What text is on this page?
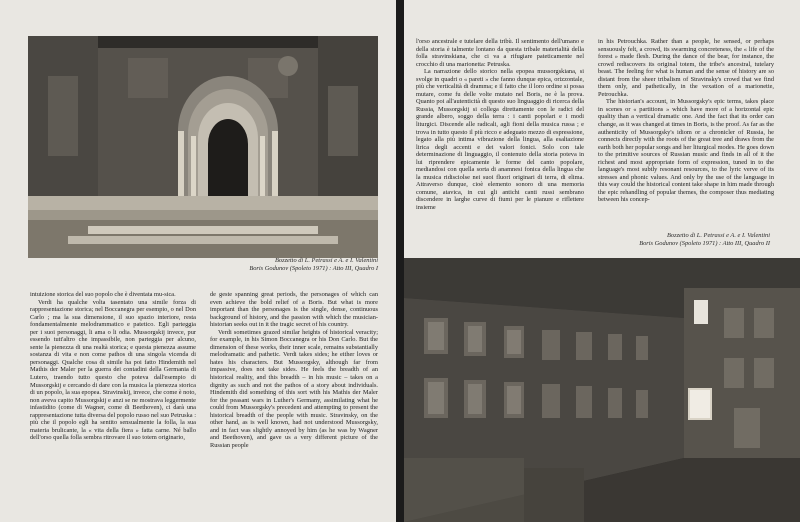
Bozzetto di L. Petrassi e A. e I. Valentini
Boris Godunov (Spoleto 1971) : Atto III, Quadro I

intuizione storica del suo popolo che è diventata mu-sica.

Verdi ha qualche volta tasentato una simile forza di rappresentazione storica; nel Boccanegra per esempio, o nel Don Carlo ; ma la sua dimensione, il suo spazio interiore, resta fondamentalmente melodrammatico e patetico. Egli parteggia per i suoi personaggi, li ama o li odia. Mussorgskij invece, pur essendo tutt'altro che impassibile, non parteggia per alcuno, sente la pienezza di una realtà storica; e questa pienezza assume sostanza di vita e non come pathos di una singola vicenda di personaggi. Qualche cosa di simile ha poi fatto Hindemith nel Mathis der Maler per la guerra dei contadini della Germania di Lutero, traendo tutto questo che poteva dall'esempio di Mussorgskij e cercando di dare con la musica la pienezza storica di un popolo, la sua epopea. Stravinskij, invece, che come è noto, non aveva capito Mussorgskij e anzi se ne mostrava leggermente infastidito (come di Wagner, come di Beethoven), ci darà una rappresentazione tutta diversa del popolo russo nel suo Petruska : più che il popolo egli ha sentito sensualmente la folla, la sua materia brulicante, la « vita della fiera » fatta carne. Né ballo dell'orso quella folla sembra ritrovare il suo totem originario,

de geste spanning great periods, the personages of which can even achieve the bold relief of a Boris. But what is more important than the personages is the single, dense, continuous background of history, and the passion with which the musician-historian seeks out in it the tragic secret of his country.

Verdi sometimes grazed similar heights of historical veracity; for example, in his Simon Boccanegra or his Don Carlo. But the dimension of these works, their inner scale, remains substantially melodramatic and pathetic. Verdi takes sides; he either loves or hates his characters. But Mussorgsky, although far from impassive, does not take sides. He feels the breadth of an historical reality, and this breadth – in his music – takes on a dignity as such and not the pathos of a story about individuals. Hindemith did something of this sort with his Mathis der Maler for the peasant wars in Luther's Germany, assimilating what he could from Mussorgsky's precedent and attempting to present the historical breadth of the people with music. Stravinsky, on the other hand, as is well known, had not understood Mussorgsky, and in fact was slightly annoyed by him (as he was by Wagner and Beethoven), and gave us a very different picture of the Russian people

l'orso ancestrale e tutelare della tribù. Il sentimento dell'umano e della storia è talmente lontano da questa tribale materialità della folla stravinskiana, che ci va a rifugiare pateticamente nel crocchio di una marionetta: Petruska.

La narrazione dello storico nella epopea mussorgskiana, si svolge in quadri o « pareti » che fanno dunque epica, orizzontale, più che verticalità di dramma; e il fatto che il loro ordine si possa mutare, come fu delle volte mutato nel Boris, ne è la prova. Quanto poi all'autenticità di questo suo linguaggio di ricerca della Russia, Mussorgskij si collega direttamente con le radici del grande albero, soggo della terra : i canti popolari e i modi liturgici. Discende alle radicali, agli fioni della musica russa ; e trova in tutto questo il più ricco e adeguato mezzo di espressione, legato alla più intima vibrazione della lingua, alla esaltazione lirica degli accenti e dei valori fonici. Solo con tale determinazione di linguaggio, il contenuto della storia poteva in lui riprendere epicamente le forme del canto popolare, mediandosi con quella sorta di anamnesi fonica della lingua che la musica ridisciolse nei suoi fluori originari di terra, di elima. Attraverso dunque, cioè elemento sonoro di una memoria comune, atavica, in cui gli antichi canti russi sembrano discendere in larghe curve di fiumi per le pianure e riflettere insieme

in his Petrouchka. Rather than a people, he sensed, or perhaps sensuously felt, a crowd, its swarming concreteness, the « life of the forest » made flesh. During the dance of the bear, for instance, the crowd rediscovers its original totem, the tribe's ancestral, tutelary beast. The feeling for what is human and the sense of history are so distant from the sheer tribalism of Stravinsky's crowd that we find them only, and pathetically, in the vexation of a marionette, Petrouchka.

The historian's account, in Mussorgsky's epic terms, takes place in scenes or « partitions » which have more of a horizontal epic quality than a vertical dramatic one. And the fact that its order can change, as it was changed at times in Boris, is the proof. As far as the authenticity of Mussorgsky's idiom or a chronicler of Russia, he connects directly with the roots of the great tree and draws from the earth both her popular songs and her liturgical modes. He goes down to the primitive sources of Russian music and finds in all of it the richest and most appropriate form of expression, tuned in to the language's most subtly resonant resources, to the lyric verve of its stresses and phonic values. And only by the use of the language in this way could the historical content take shape in him made through the epic rehandling of popular themes, the composer thus mediating between his concep-

Bozzetto di L. Petrassi e A. e I. Valentini
Boris Godunov (Spoleto 1971) : Atto III, Quadro II
